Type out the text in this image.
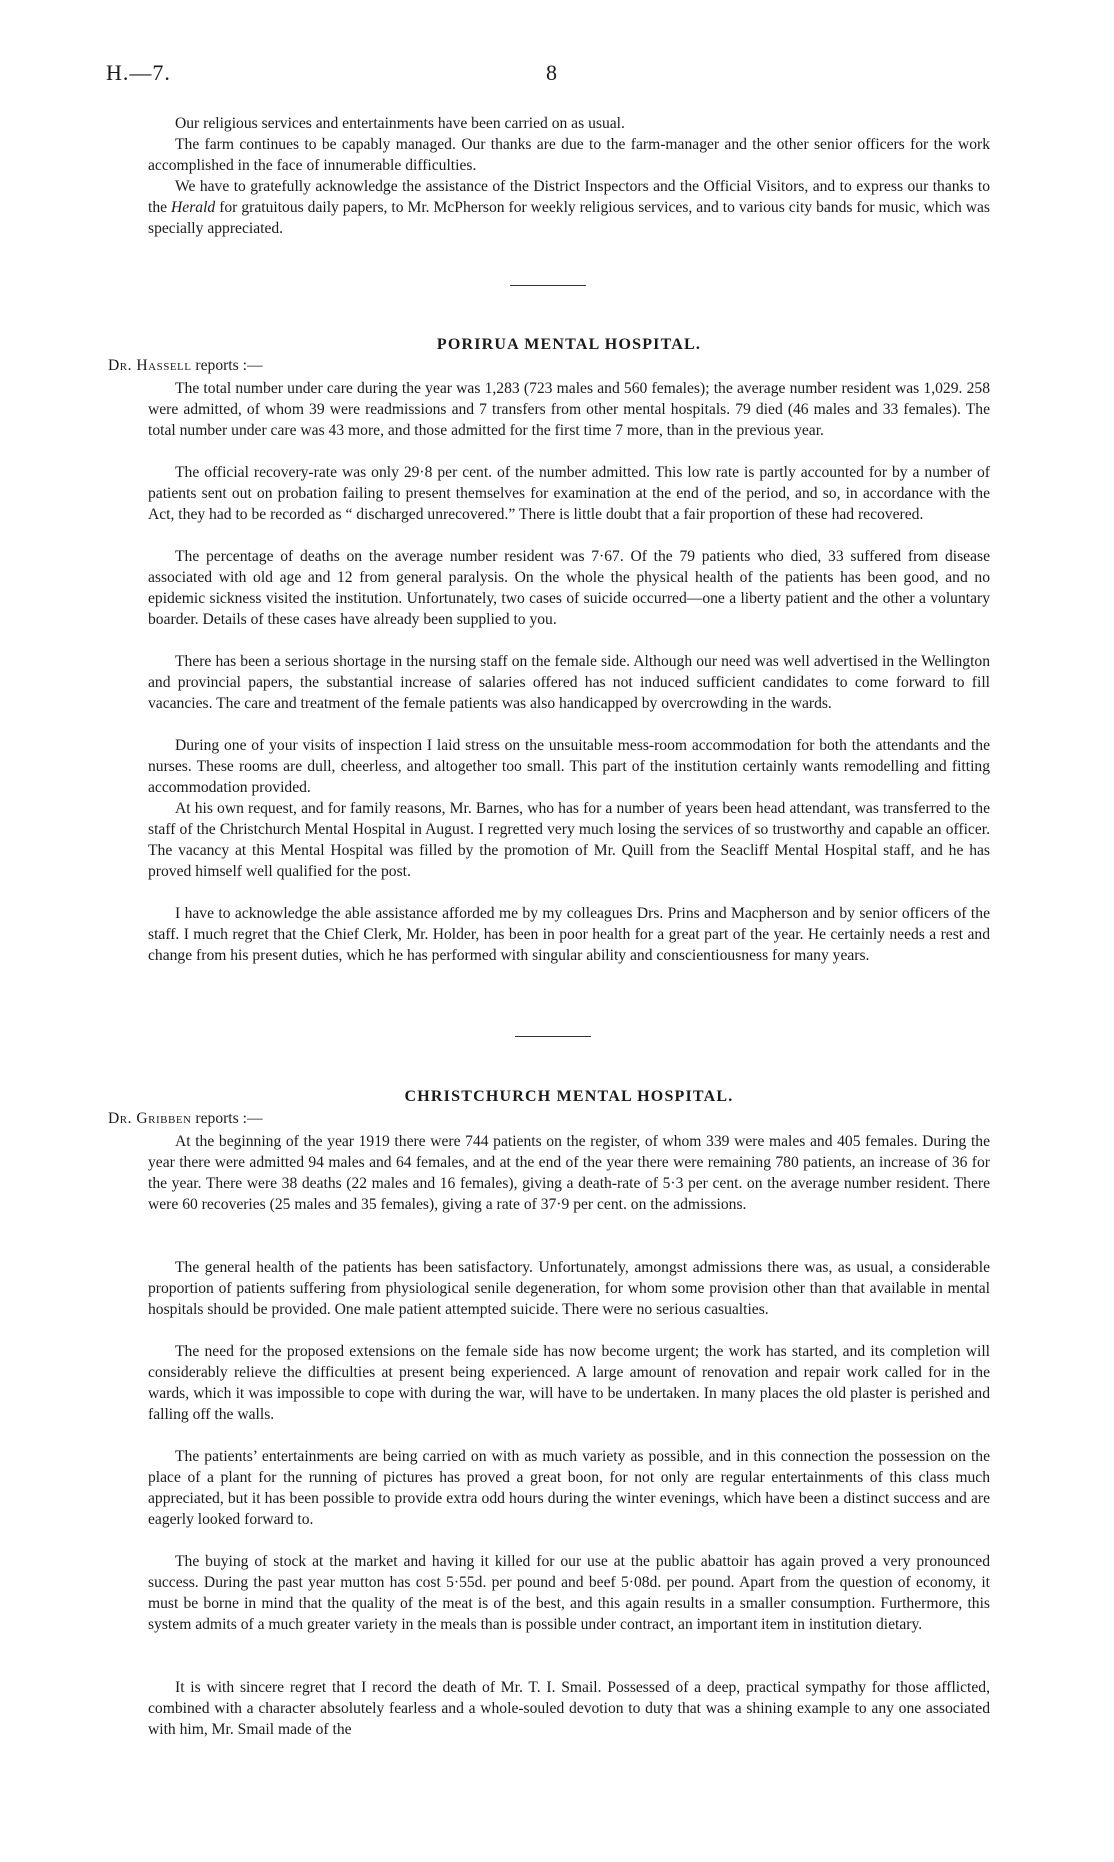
H.—7.	8

Our religious services and entertainments have been carried on as usual.

The farm continues to be capably managed. Our thanks are due to the farm-manager and the other senior officers for the work accomplished in the face of innumerable difficulties.

We have to gratefully acknowledge the assistance of the District Inspectors and the Official Visitors, and to express our thanks to the Herald for gratuitous daily papers, to Mr. McPherson for weekly religious services, and to various city bands for music, which was specially appreciated.

PORIRUA MENTAL HOSPITAL.

Dr. Hassell reports :—

The total number under care during the year was 1,283 (723 males and 560 females); the average number resident was 1,029. 258 were admitted, of whom 39 were readmissions and 7 transfers from other mental hospitals. 79 died (46 males and 33 females). The total number under care was 43 more, and those admitted for the first time 7 more, than in the previous year.

The official recovery-rate was only 29·8 per cent. of the number admitted. This low rate is partly accounted for by a number of patients sent out on probation failing to present themselves for examination at the end of the period, and so, in accordance with the Act, they had to be recorded as “ discharged unrecovered.” There is little doubt that a fair proportion of these had recovered.

The percentage of deaths on the average number resident was 7·67. Of the 79 patients who died, 33 suffered from disease associated with old age and 12 from general paralysis. On the whole the physical health of the patients has been good, and no epidemic sickness visited the institution. Unfortunately, two cases of suicide occurred—one a liberty patient and the other a voluntary boarder. Details of these cases have already been supplied to you.

There has been a serious shortage in the nursing staff on the female side. Although our need was well advertised in the Wellington and provincial papers, the substantial increase of salaries offered has not induced sufficient candidates to come forward to fill vacancies. The care and treatment of the female patients was also handicapped by overcrowding in the wards.

During one of your visits of inspection I laid stress on the unsuitable mess-room accommodation for both the attendants and the nurses. These rooms are dull, cheerless, and altogether too small. This part of the institution certainly wants remodelling and fitting accommodation provided.

At his own request, and for family reasons, Mr. Barnes, who has for a number of years been head attendant, was transferred to the staff of the Christchurch Mental Hospital in August. I regretted very much losing the services of so trustworthy and capable an officer. The vacancy at this Mental Hospital was filled by the promotion of Mr. Quill from the Seacliff Mental Hospital staff, and he has proved himself well qualified for the post.

I have to acknowledge the able assistance afforded me by my colleagues Drs. Prins and Macpherson and by senior officers of the staff. I much regret that the Chief Clerk, Mr. Holder, has been in poor health for a great part of the year. He certainly needs a rest and change from his present duties, which he has performed with singular ability and conscientiousness for many years.

CHRISTCHURCH MENTAL HOSPITAL.

Dr. Gribben reports :—

At the beginning of the year 1919 there were 744 patients on the register, of whom 339 were males and 405 females. During the year there were admitted 94 males and 64 females, and at the end of the year there were remaining 780 patients, an increase of 36 for the year. There were 38 deaths (22 males and 16 females), giving a death-rate of 5·3 per cent. on the average number resident. There were 60 recoveries (25 males and 35 females), giving a rate of 37·9 per cent. on the admissions.

The general health of the patients has been satisfactory. Unfortunately, amongst admissions there was, as usual, a considerable proportion of patients suffering from physiological senile degeneration, for whom some provision other than that available in mental hospitals should be provided. One male patient attempted suicide. There were no serious casualties.

The need for the proposed extensions on the female side has now become urgent; the work has started, and its completion will considerably relieve the difficulties at present being experienced. A large amount of renovation and repair work called for in the wards, which it was impossible to cope with during the war, will have to be undertaken. In many places the old plaster is perished and falling off the walls.

The patients’ entertainments are being carried on with as much variety as possible, and in this connection the possession on the place of a plant for the running of pictures has proved a great boon, for not only are regular entertainments of this class much appreciated, but it has been possible to provide extra odd hours during the winter evenings, which have been a distinct success and are eagerly looked forward to.

The buying of stock at the market and having it killed for our use at the public abattoir has again proved a very pronounced success. During the past year mutton has cost 5·55d. per pound and beef 5·08d. per pound. Apart from the question of economy, it must be borne in mind that the quality of the meat is of the best, and this again results in a smaller consumption. Furthermore, this system admits of a much greater variety in the meals than is possible under contract, an important item in institution dietary.

It is with sincere regret that I record the death of Mr. T. I. Smail. Possessed of a deep, practical sympathy for those afflicted, combined with a character absolutely fearless and a whole-souled devotion to duty that was a shining example to any one associated with him, Mr. Smail made of the
